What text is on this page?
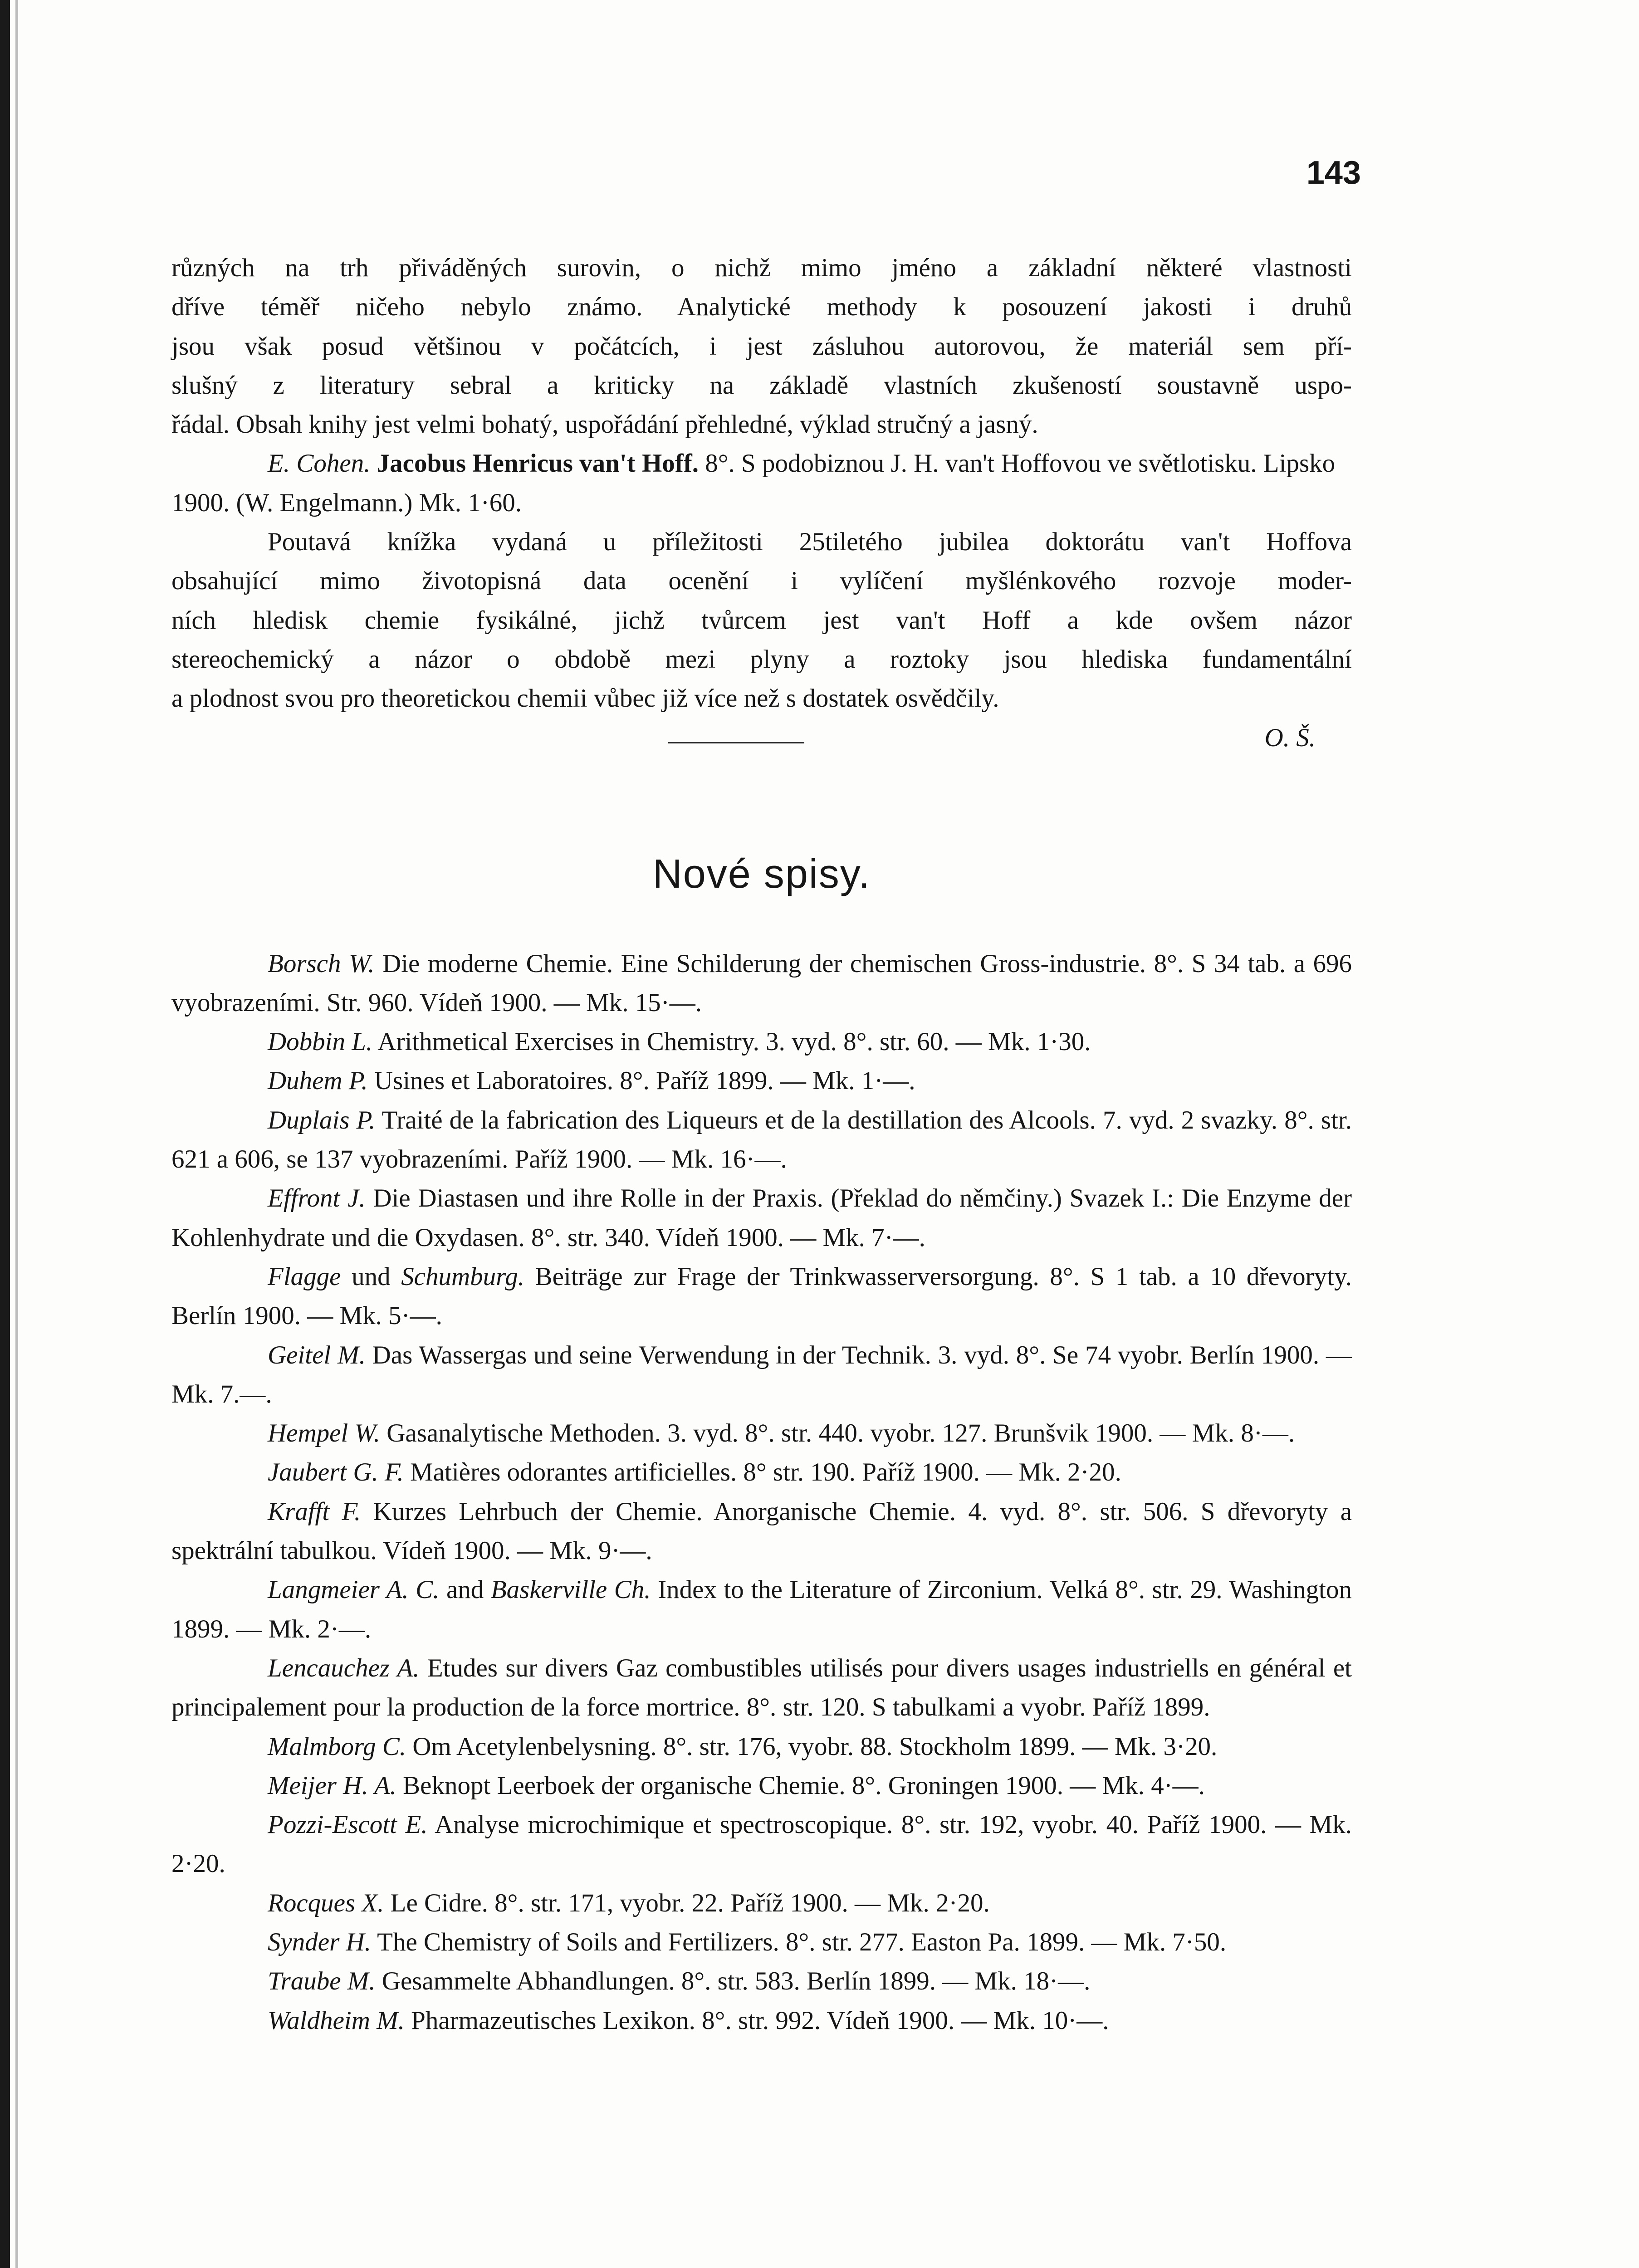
143
různých na trh přiváděných surovin, o nichž mimo jméno a základní některé vlastnosti
dříve téměř ničeho nebylo známo. Analytické methody k posouzení jakosti i druhů
jsou však posud většinou v počátcích, i jest zásluhou autorovou, že materiál sem pří-
slušný z literatury sebral a kriticky na základě vlastních zkušeností soustavně uspo-
řádal. Obsah knihy jest velmi bohatý, uspořádání přehledné, výklad stručný a jasný.

E. Cohen. Jacobus Henricus van't Hoff. 8°. S podobiznou J. H. van't Hoffovou ve světlotisku. Lipsko 1900. (W. Engelmann.) Mk. 1·60.

Poutavá knížka vydaná u příležitosti 25tiletého jubilea doktorátu van't Hoffova
obsahující mimo životopisná data ocenění i vylíčení myšlénkového rozvoje moder-
ních hledisk chemie fysikálné, jichž tvůrcem jest van't Hoff a kde ovšem názor
stereochemický a názor o obdobě mezi plyny a roztoky jsou hlediska fundamentální
a plodnost svou pro theoretickou chemii vůbec již více než s dostatek osvědčily.
O. Š.
Nové spisy.

Borsch W. Die moderne Chemie. Eine Schilderung der chemischen Gross-industrie. 8°. S 34 tab. a 696 vyobrazeními. Str. 960. Vídeň 1900. — Mk. 15·—.

Dobbin L. Arithmetical Exercises in Chemistry. 3. vyd. 8°. str. 60. — Mk. 1·30.

Duhem P. Usines et Laboratoires. 8°. Paříž 1899. — Mk. 1·—.

Duplais P. Traité de la fabrication des Liqueurs et de la destillation des Alcools. 7. vyd. 2 svazky. 8°. str. 621 a 606, se 137 vyobrazeními. Paříž 1900. — Mk. 16·—.

Effront J. Die Diastasen und ihre Rolle in der Praxis. (Překlad do němčiny.) Svazek I.: Die Enzyme der Kohlenhydrate und die Oxydasen. 8°. str. 340. Vídeň 1900. — Mk. 7·—.

Flagge und Schumburg. Beiträge zur Frage der Trinkwasserversorgung. 8°. S 1 tab. a 10 dřevoryty. Berlín 1900. — Mk. 5·—.

Geitel M. Das Wassergas und seine Verwendung in der Technik. 3. vyd. 8°. Se 74 vyobr. Berlín 1900. — Mk. 7.—.

Hempel W. Gasanalytische Methoden. 3. vyd. 8°. str. 440. vyobr. 127. Brunšvik 1900. — Mk. 8·—.

Jaubert G. F. Matières odorantes artificielles. 8° str. 190. Paříž 1900. — Mk. 2·20.

Krafft F. Kurzes Lehrbuch der Chemie. Anorganische Chemie. 4. vyd. 8°. str. 506. S dřevoryty a spektrální tabulkou. Vídeň 1900. — Mk. 9·—.

Langmeier A. C. and Baskerville Ch. Index to the Literature of Zirconium. Velká 8°. str. 29. Washington 1899. — Mk. 2·—.

Lencauchez A. Etudes sur divers Gaz combustibles utilisés pour divers usages industriells en général et principalement pour la production de la force mortrice. 8°. str. 120. S tabulkami a vyobr. Paříž 1899.

Malmborg C. Om Acetylenbelysning. 8°. str. 176, vyobr. 88. Stockholm 1899. — Mk. 3·20.

Meijer H. A. Beknopt Leerboek der organische Chemie. 8°. Groningen 1900. — Mk. 4·—.

Pozzi-Escott E. Analyse microchimique et spectroscopique. 8°. str. 192, vyobr. 40. Paříž 1900. — Mk. 2·20.

Rocques X. Le Cidre. 8°. str. 171, vyobr. 22. Paříž 1900. — Mk. 2·20.

Synder H. The Chemistry of Soils and Fertilizers. 8°. str. 277. Easton Pa. 1899. — Mk. 7·50.

Traube M. Gesammelte Abhandlungen. 8°. str. 583. Berlín 1899. — Mk. 18·—.

Waldheim M. Pharmazeutisches Lexikon. 8°. str. 992. Vídeň 1900. — Mk. 10·—.
